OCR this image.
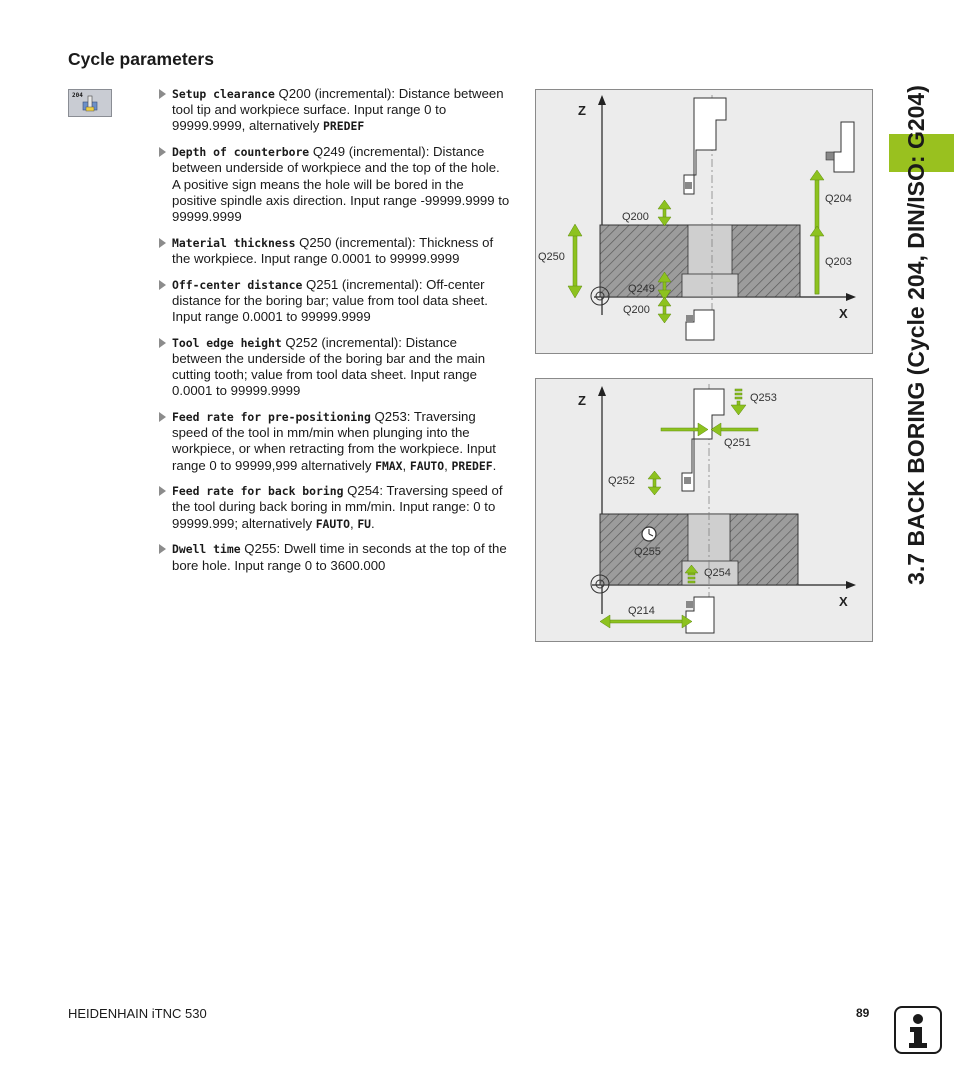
Cycle parameters
204	Setup clearance Q200 (incremental): Distance between tool tip and workpiece surface. Input range 0 to 99999.9999, alternatively PREDEF
Depth of counterbore Q249 (incremental): Distance between underside of workpiece and the top of the hole. A positive sign means the hole will be bored in the positive spindle axis direction. Input range -99999.9999 to 99999.9999
Material thickness Q250 (incremental): Thickness of the workpiece. Input range 0.0001 to 99999.9999
Off-center distance Q251 (incremental): Off-center distance for the boring bar; value from tool data sheet. Input range 0.0001 to 99999.9999
Tool edge height Q252 (incremental): Distance between the underside of the boring bar and the main cutting tooth; value from tool data sheet. Input range 0.0001 to 99999.9999
Feed rate for pre-positioning Q253: Traversing speed of the tool in mm/min when plunging into the workpiece, or when retracting from the workpiece. Input range 0 to 99999,999 alternatively FMAX, FAUTO, PREDEF.
Feed rate for back boring Q254: Traversing speed of the tool during back boring in mm/min. Input range: 0 to 99999.999; alternatively FAUTO, FU.
Dwell time Q255: Dwell time in seconds at the top of the bore hole. Input range 0 to 3600.000
Z
X
Q200
Q204
Q250	Q203
Q249
Q200
Z
X
Q253
Q251
Q252
Q255
Q254
Q214
3.7 BACK BORING (Cycle 204, DIN/ISO: G204)
HEIDENHAIN iTNC 530	89
